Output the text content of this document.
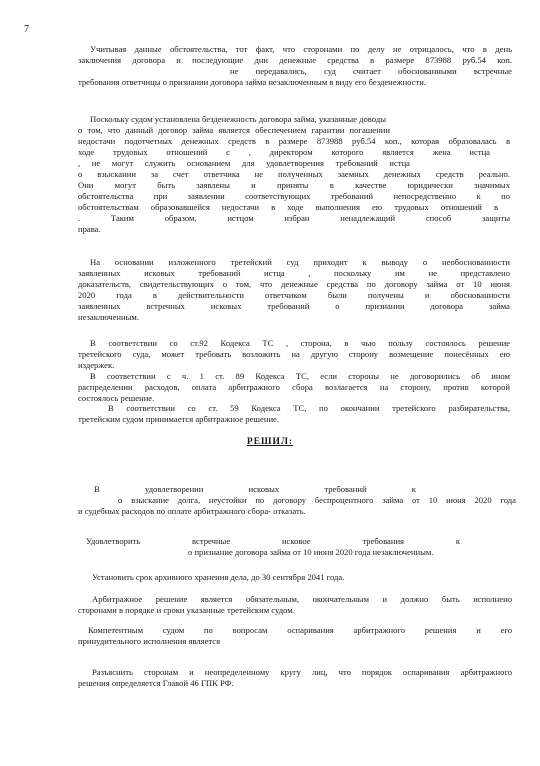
7
Учитывая данные обстоятельства, тот факт, что сторонами по делу не отрицалось, что в день
заключения договора и последующие дни денежные средства в размере 873988 руб.54 коп.
не передавались, суд считает обоснованными встречные
требования ответчицы о признании договора займа незаключенным в виду его безденежности.
Поскольку судом установлена безденежность договора займа, указанные доводы
о том, что данный договор займа является обеспечением гарантии погашении
недостачи подотчетных денежных средств в размере 873988 руб.54 коп., которая образовалась в
ходе трудовых отношений с , директором которого является жена истца
, не могут служить основанием для удовлетворения требований истца
о взыскании за счет ответчика не полученных заемных денежных средств реально.
Они могут быть заявлены и приняты в качестве юридически значимых
обстоятельства при заявлении соответствующих требований непосредственно к по
обстоятельствам образовавшейся недостачи в ходе выполнения ею трудовых отношений в
. Таким образом, истцом избран ненадлежащий способ защиты
права.
На основании изложенного третейский суд приходит к выводу о необоснованности
заявленных исковых требований истца , поскольку им не представлено
доказательств, свидетельствующих о том, что денежные средства по договору займа от 10 июня
2020 года в действительности ответчиком были получены и обоснованности
заявленных встречных исковых требований о признании договора займа
незаключенным.
В соответствии со ст.92 Кодекса ТС , сторона, в чью пользу состоялось решение
третейского суда, может требовать возложить на другую сторону возмещение понесённых ею
издержек.
В соответствии с ч. 1 ст. 89 Кодекса ТС, если стороны не договорились об ином
распределении расходов, оплата арбитражного сбора возлагается на сторону, против которой
состоялось решение.
В соответствии со ст. 59 Кодекса ТС, по окончании третейского разбирательства,
третейским судом принимается арбитражное решение.
РЕШИЛ:
В удовлетворении исковых требований к
о взыскание долга, неустойки по договору беспроцентного займа от 10 июня 2020 года
и судебных расходов по оплате арбитражного сбора- отказать.
Удовлетворить встречные исковое требования к
о признание договора займа от 10 июня 2020 года незаключенным.
Установить срок архивного хранения дела, до 30 сентября 2041 года.
Арбитражное решение является обязательным, окончательным и должно быть исполнено
сторонами в порядке и сроки указанные третейским судом.
Компетентным судом по вопросам оспаривания арбитражного решения и его
принудительного исполнения является
Разъяснить сторонам и неопределенному кругу лиц, что порядок оспаривания арбитражного
решения определяется Главой 46 ГПК РФ.
